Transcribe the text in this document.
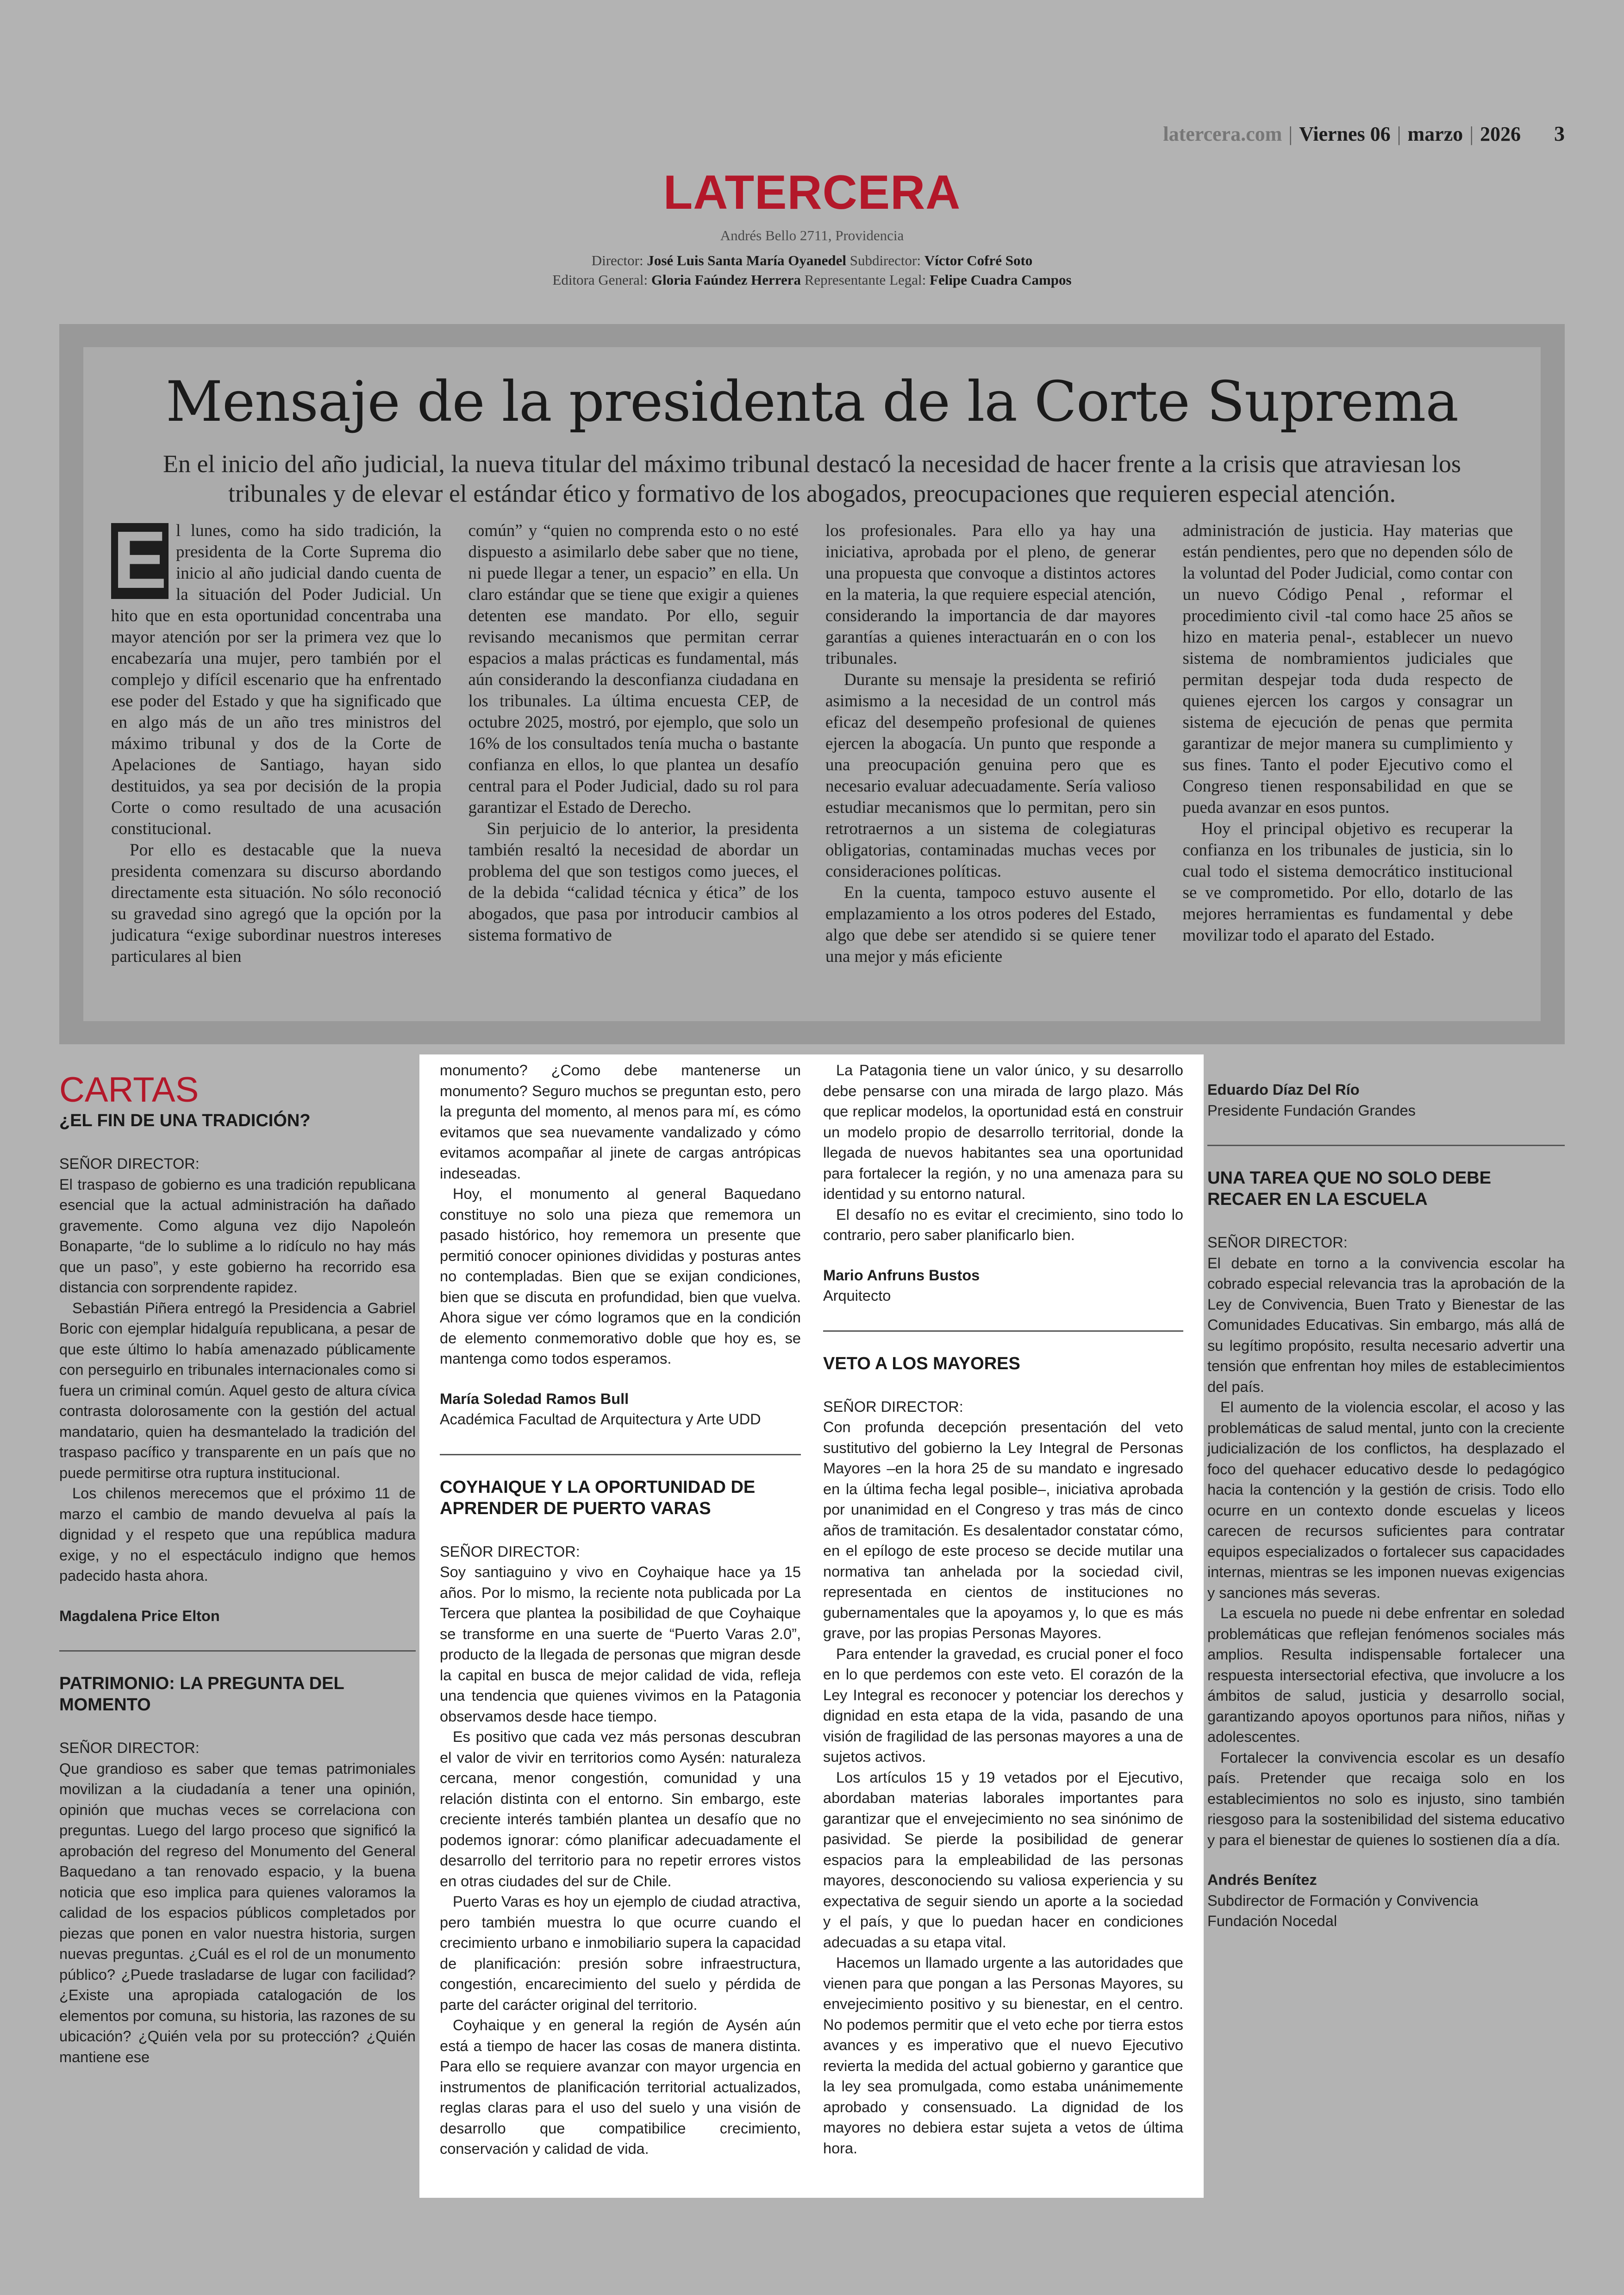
latercera.com | Viernes 06 | marzo | 2026 3
LATERCERA
Andrés Bello 2711, Providencia
Director: José Luis Santa María Oyanedel Subdirector: Víctor Cofré Soto
Editora General: Gloria Faúndez Herrera Representante Legal: Felipe Cuadra Campos
Mensaje de la presidenta de la Corte Suprema
En el inicio del año judicial, la nueva titular del máximo tribunal destacó la necesidad de hacer frente a la crisis que atraviesan los tribunales y de elevar el estándar ético y formativo de los abogados, preocupaciones que requieren especial atención.

E l lunes, como ha sido tradición, la presidenta de la Corte Suprema dio inicio al año judicial dando cuenta de la situación del Poder Judicial. Un hito que en esta oportunidad concentraba una mayor atención por ser la primera vez que lo encabezaría una mujer, pero también por el complejo y difícil escenario que ha enfrentado ese poder del Estado y que ha significado que en algo más de un año tres ministros del máximo tribunal y dos de la Corte de Apelaciones de Santiago, hayan sido destituidos, ya sea por decisión de la propia Corte o como resultado de una acusación constitucional.

Por ello es destacable que la nueva presidenta comenzara su discurso abordando directamente esta situación. No sólo reconoció su gravedad sino agregó que la opción por la judicatura “exige subordinar nuestros intereses particulares al bien

común” y “quien no comprenda esto o no esté dispuesto a asimilarlo debe saber que no tiene, ni puede llegar a tener, un espacio” en ella. Un claro estándar que se tiene que exigir a quienes detenten ese mandato. Por ello, seguir revisando mecanismos que permitan cerrar espacios a malas prácticas es fundamental, más aún considerando la desconfianza ciudadana en los tribunales. La última encuesta CEP, de octubre 2025, mostró, por ejemplo, que solo un 16% de los consultados tenía mucha o bastante confianza en ellos, lo que plantea un desafío central para el Poder Judicial, dado su rol para garantizar el Estado de Derecho.

Sin perjuicio de lo anterior, la presidenta también resaltó la necesidad de abordar un problema del que son testigos como jueces, el de la debida “calidad técnica y ética” de los abogados, que pasa por introducir cambios al sistema formativo de

los profesionales. Para ello ya hay una iniciativa, aprobada por el pleno, de generar una propuesta que convoque a distintos actores en la materia, la que requiere especial atención, considerando la importancia de dar mayores garantías a quienes interactuarán en o con los tribunales.

Durante su mensaje la presidenta se refirió asimismo a la necesidad de un control más eficaz del desempeño profesional de quienes ejercen la abogacía. Un punto que responde a una preocupación genuina pero que es necesario evaluar adecuadamente. Sería valioso estudiar mecanismos que lo permitan, pero sin retrotraernos a un sistema de colegiaturas obligatorias, contaminadas muchas veces por consideraciones políticas.

En la cuenta, tampoco estuvo ausente el emplazamiento a los otros poderes del Estado, algo que debe ser atendido si se quiere tener una mejor y más eficiente

administración de justicia. Hay materias que están pendientes, pero que no dependen sólo de la voluntad del Poder Judicial, como contar con un nuevo Código Penal , reformar el procedimiento civil -tal como hace 25 años se hizo en materia penal-, establecer un nuevo sistema de nombramientos judiciales que permitan despejar toda duda respecto de quienes ejercen los cargos y consagrar un sistema de ejecución de penas que permita garantizar de mejor manera su cumplimiento y sus fines. Tanto el poder Ejecutivo como el Congreso tienen responsabilidad en que se pueda avanzar en esos puntos.

Hoy el principal objetivo es recuperar la confianza en los tribunales de justicia, sin lo cual todo el sistema democrático institucional se ve comprometido. Por ello, dotarlo de las mejores herramientas es fundamental y debe movilizar todo el aparato del Estado.

CARTAS
¿EL FIN DE UNA TRADICIÓN?

SEÑOR DIRECTOR:

El traspaso de gobierno es una tradición republicana esencial que la actual administración ha dañado gravemente. Como alguna vez dijo Napoleón Bonaparte, “de lo sublime a lo ridículo no hay más que un paso”, y este gobierno ha recorrido esa distancia con sorprendente rapidez.

Sebastián Piñera entregó la Presidencia a Gabriel Boric con ejemplar hidalguía republicana, a pesar de que este último lo había amenazado públicamente con perseguirlo en tribunales internacionales como si fuera un criminal común. Aquel gesto de altura cívica contrasta dolorosamente con la gestión del actual mandatario, quien ha desmantelado la tradición del traspaso pacífico y transparente en un país que no puede permitirse otra ruptura institucional.

Los chilenos merecemos que el próximo 11 de marzo el cambio de mando devuelva al país la dignidad y el respeto que una república madura exige, y no el espectáculo indigno que hemos padecido hasta ahora.

Magdalena Price Elton

PATRIMONIO: LA PREGUNTA DEL MOMENTO

SEÑOR DIRECTOR:

Que grandioso es saber que temas patrimoniales movilizan a la ciudadanía a tener una opinión, opinión que muchas veces se correlaciona con preguntas. Luego del largo proceso que significó la aprobación del regreso del Monumento del General Baquedano a tan renovado espacio, y la buena noticia que eso implica para quienes valoramos la calidad de los espacios públicos completados por piezas que ponen en valor nuestra historia, surgen nuevas preguntas. ¿Cuál es el rol de un monumento público? ¿Puede trasladarse de lugar con facilidad? ¿Existe una apropiada catalogación de los elementos por comuna, su historia, las razones de su ubicación? ¿Quién vela por su protección? ¿Quién mantiene ese

monumento? ¿Como debe mantenerse un monumento? Seguro muchos se preguntan esto, pero la pregunta del momento, al menos para mí, es cómo evitamos que sea nuevamente vandalizado y cómo evitamos acompañar al jinete de cargas antrópicas indeseadas.

Hoy, el monumento al general Baquedano constituye no solo una pieza que rememora un pasado histórico, hoy rememora un presente que permitió conocer opiniones divididas y posturas antes no contempladas. Bien que se exijan condiciones, bien que se discuta en profundidad, bien que vuelva. Ahora sigue ver cómo logramos que en la condición de elemento conmemorativo doble que hoy es, se mantenga como todos esperamos.

María Soledad Ramos Bull

Académica Facultad de Arquitectura y Arte UDD

COYHAIQUE Y LA OPORTUNIDAD DE APRENDER DE PUERTO VARAS

SEÑOR DIRECTOR:

Soy santiaguino y vivo en Coyhaique hace ya 15 años. Por lo mismo, la reciente nota publicada por La Tercera que plantea la posibilidad de que Coyhaique se transforme en una suerte de “Puerto Varas 2.0”, producto de la llegada de personas que migran desde la capital en busca de mejor calidad de vida, refleja una tendencia que quienes vivimos en la Patagonia observamos desde hace tiempo.

Es positivo que cada vez más personas descubran el valor de vivir en territorios como Aysén: naturaleza cercana, menor congestión, comunidad y una relación distinta con el entorno. Sin embargo, este creciente interés también plantea un desafío que no podemos ignorar: cómo planificar adecuadamente el desarrollo del territorio para no repetir errores vistos en otras ciudades del sur de Chile.

Puerto Varas es hoy un ejemplo de ciudad atractiva, pero también muestra lo que ocurre cuando el crecimiento urbano e inmobiliario supera la capacidad de planificación: presión sobre infraestructura, congestión, encarecimiento del suelo y pérdida de parte del carácter original del territorio.

Coyhaique y en general la región de Aysén aún está a tiempo de hacer las cosas de manera distinta. Para ello se requiere avanzar con mayor urgencia en instrumentos de planificación territorial actualizados, reglas claras para el uso del suelo y una visión de desarrollo que compatibilice crecimiento, conservación y calidad de vida.

La Patagonia tiene un valor único, y su desarrollo debe pensarse con una mirada de largo plazo. Más que replicar modelos, la oportunidad está en construir un modelo propio de desarrollo territorial, donde la llegada de nuevos habitantes sea una oportunidad para fortalecer la región, y no una amenaza para su identidad y su entorno natural.

El desafío no es evitar el crecimiento, sino todo lo contrario, pero saber planificarlo bien.

Mario Anfruns Bustos

Arquitecto

VETO A LOS MAYORES

SEÑOR DIRECTOR:

Con profunda decepción presentación del veto sustitutivo del gobierno la Ley Integral de Personas Mayores –en la hora 25 de su mandato e ingresado en la última fecha legal posible–, iniciativa aprobada por unanimidad en el Congreso y tras más de cinco años de tramitación. Es desalentador constatar cómo, en el epílogo de este proceso se decide mutilar una normativa tan anhelada por la sociedad civil, representada en cientos de instituciones no gubernamentales que la apoyamos y, lo que es más grave, por las propias Personas Mayores.

Para entender la gravedad, es crucial poner el foco en lo que perdemos con este veto. El corazón de la Ley Integral es reconocer y potenciar los derechos y dignidad en esta etapa de la vida, pasando de una visión de fragilidad de las personas mayores a una de sujetos activos.

Los artículos 15 y 19 vetados por el Ejecutivo, abordaban materias laborales importantes para garantizar que el envejecimiento no sea sinónimo de pasividad. Se pierde la posibilidad de generar espacios para la empleabilidad de las personas mayores, desconociendo su valiosa experiencia y su expectativa de seguir siendo un aporte a la sociedad y el país, y que lo puedan hacer en condiciones adecuadas a su etapa vital.

Hacemos un llamado urgente a las autoridades que vienen para que pongan a las Personas Mayores, su envejecimiento positivo y su bienestar, en el centro. No podemos permitir que el veto eche por tierra estos avances y es imperativo que el nuevo Ejecutivo revierta la medida del actual gobierno y garantice que la ley sea promulgada, como estaba unánimemente aprobado y consensuado. La dignidad de los mayores no debiera estar sujeta a vetos de última hora.

Eduardo Díaz Del Río

Presidente Fundación Grandes

UNA TAREA QUE NO SOLO DEBE RECAER EN LA ESCUELA

SEÑOR DIRECTOR:

El debate en torno a la convivencia escolar ha cobrado especial relevancia tras la aprobación de la Ley de Convivencia, Buen Trato y Bienestar de las Comunidades Educativas. Sin embargo, más allá de su legítimo propósito, resulta necesario advertir una tensión que enfrentan hoy miles de establecimientos del país.

El aumento de la violencia escolar, el acoso y las problemáticas de salud mental, junto con la creciente judicialización de los conflictos, ha desplazado el foco del quehacer educativo desde lo pedagógico hacia la contención y la gestión de crisis. Todo ello ocurre en un contexto donde escuelas y liceos carecen de recursos suficientes para contratar equipos especializados o fortalecer sus capacidades internas, mientras se les imponen nuevas exigencias y sanciones más severas.

La escuela no puede ni debe enfrentar en soledad problemáticas que reflejan fenómenos sociales más amplios. Resulta indispensable fortalecer una respuesta intersectorial efectiva, que involucre a los ámbitos de salud, justicia y desarrollo social, garantizando apoyos oportunos para niños, niñas y adolescentes.

Fortalecer la convivencia escolar es un desafío país. Pretender que recaiga solo en los establecimientos no solo es injusto, sino también riesgoso para la sostenibilidad del sistema educativo y para el bienestar de quienes lo sostienen día a día.

Andrés Benítez

Subdirector de Formación y Convivencia

Fundación Nocedal
